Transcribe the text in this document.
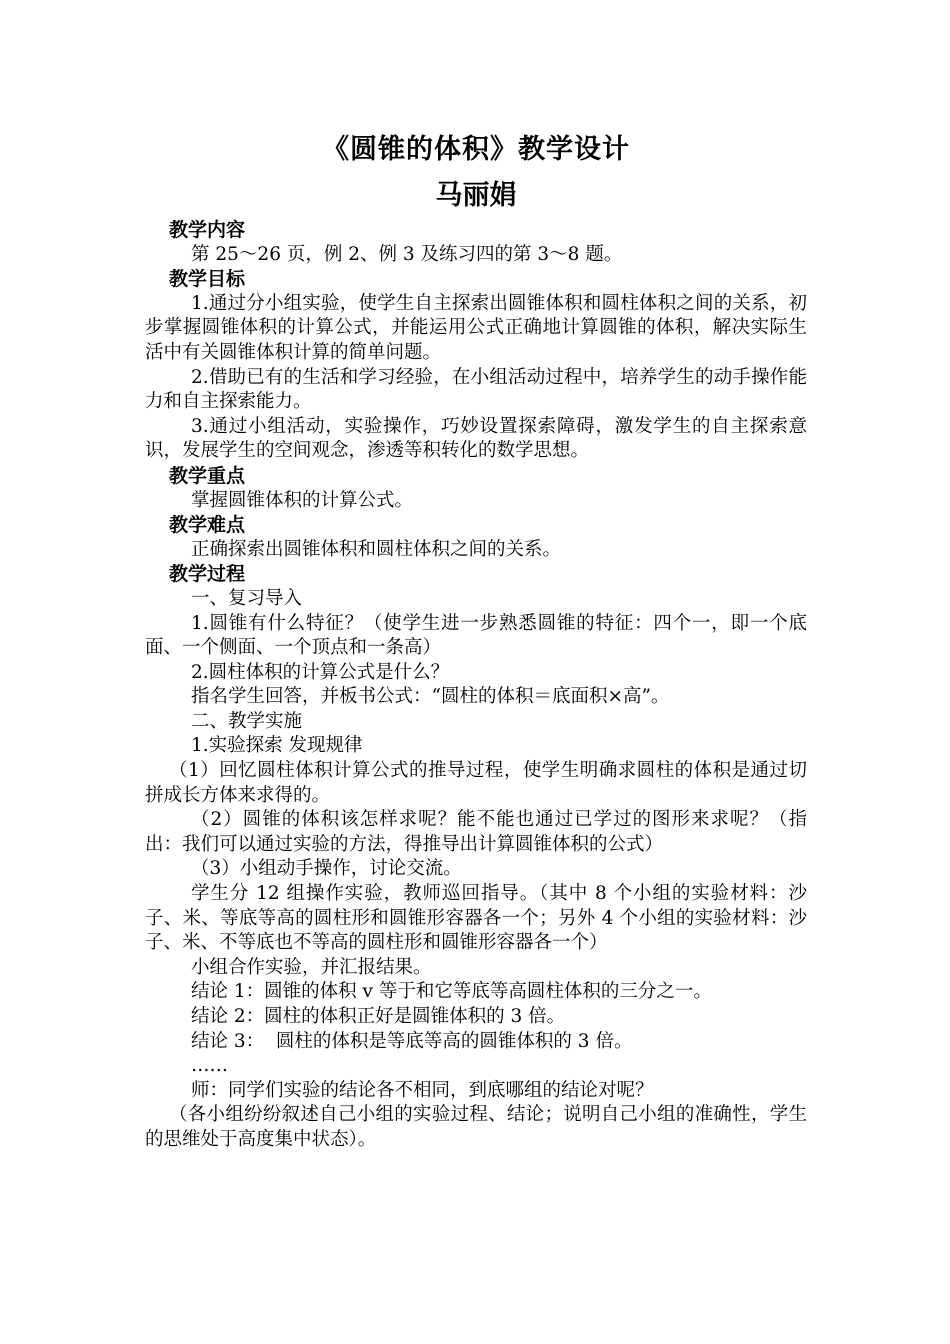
《圆锥的体积》教学设计
马丽娟
教学内容
第 25～26 页，例 2、例 3 及练习四的第 3～8 题。
教学目标
1.通过分小组实验，使学生自主探索出圆锥体积和圆柱体积之间的关系，初步掌握圆锥体积的计算公式，并能运用公式正确地计算圆锥的体积，解决实际生活中有关圆锥体积计算的简单问题。
2.借助已有的生活和学习经验，在小组活动过程中，培养学生的动手操作能力和自主探索能力。
3.通过小组活动，实验操作，巧妙设置探索障碍，激发学生的自主探索意识，发展学生的空间观念，渗透等积转化的数学思想。
教学重点
掌握圆锥体积的计算公式。
教学难点
正确探索出圆锥体积和圆柱体积之间的关系。
教学过程
一、复习导入
1.圆锥有什么特征？（使学生进一步熟悉圆锥的特征：四个一，即一个底面、一个侧面、一个顶点和一条高）
2.圆柱体积的计算公式是什么？
指名学生回答，并板书公式：“圆柱的体积＝底面积×高”。
二、教学实施
1.实验探索 发现规律
（1）回忆圆柱体积计算公式的推导过程，使学生明确求圆柱的体积是通过切拼成长方体来求得的。
（2）圆锥的体积该怎样求呢？能不能也通过已学过的图形来求呢？（指出：我们可以通过实验的方法，得推导出计算圆锥体积的公式）
（3）小组动手操作，讨论交流。
学生分 12 组操作实验，教师巡回指导。（其中 8 个小组的实验材料：沙子、米、等底等高的圆柱形和圆锥形容器各一个；另外 4 个小组的实验材料：沙子、米、不等底也不等高的圆柱形和圆锥形容器各一个）
小组合作实验，并汇报结果。
结论 1：圆锥的体积 v 等于和它等底等高圆柱体积的三分之一。
结论 2：圆柱的体积正好是圆锥体积的 3 倍。
结论 3：  圆柱的体积是等底等高的圆锥体积的 3 倍。
……
师：同学们实验的结论各不相同，到底哪组的结论对呢？
（各小组纷纷叙述自己小组的实验过程、结论；说明自己小组的准确性，学生的思维处于高度集中状态）。
